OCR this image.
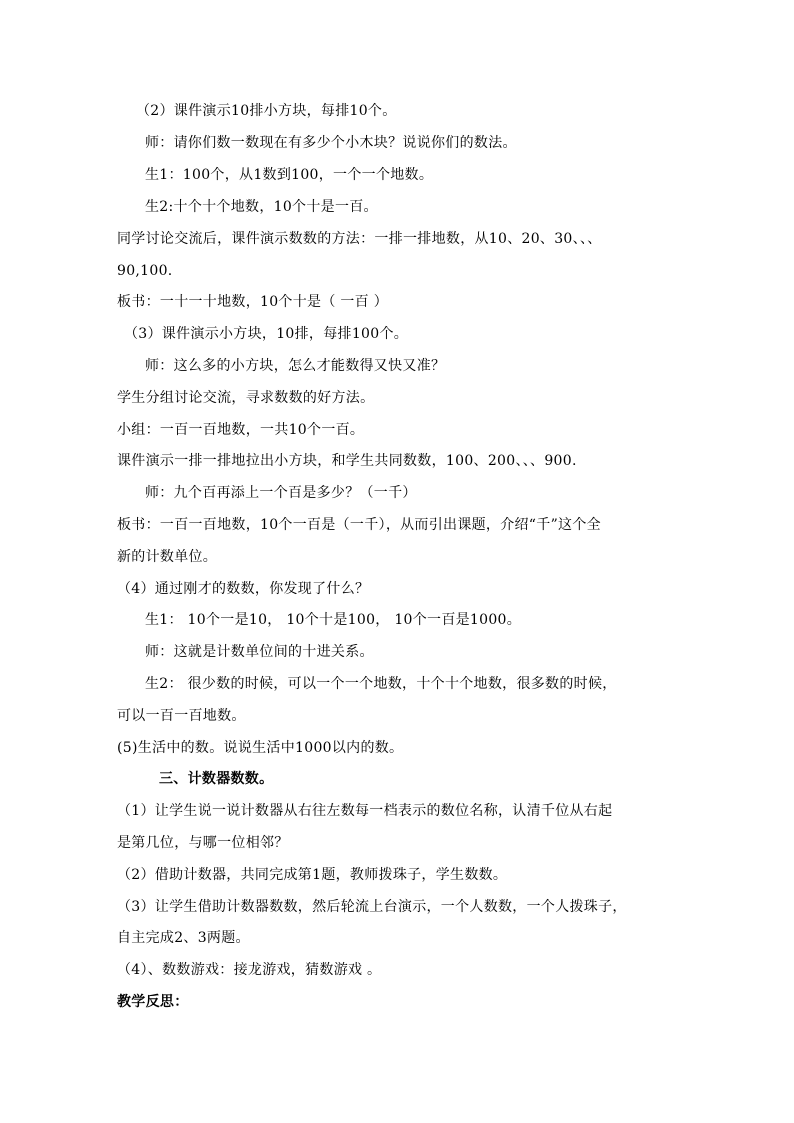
（2）课件演示10排小方块，每排10个。
师：请你们数一数现在有多少个小木块？说说你们的数法。
生1：100个，从1数到100，一个一个地数。
生2:十个十个地数，10个十是一百。
同学讨论交流后，课件演示数数的方法：一排一排地数，从10、20、30、、、
90,100.
板书：一十一十地数，10个十是（ 一百 ）
（3）课件演示小方块，10排，每排100个。
师：这么多的小方块，怎么才能数得又快又准？
学生分组讨论交流，寻求数数的好方法。
小组：一百一百地数，一共10个一百。
课件演示一排一排地拉出小方块，和学生共同数数，100、200、、、900.
师：九个百再添上一个百是多少？（一千）
板书：一百一百地数，10个一百是（一千），从而引出课题，介绍“千”这个全
新的计数单位。
（4）通过刚才的数数，你发现了什么？
生1： 10个一是10， 10个十是100， 10个一百是1000。
师：这就是计数单位间的十进关系。
生2： 很少数的时候，可以一个一个地数，十个十个地数，很多数的时候，
可以一百一百地数。
(5)生活中的数。说说生活中1000以内的数。
三、计数器数数。
（1）让学生说一说计数器从右往左数每一档表示的数位名称，认清千位从右起
是第几位，与哪一位相邻？
（2）借助计数器，共同完成第1题，教师拨珠子，学生数数。
（3）让学生借助计数器数数，然后轮流上台演示，一个人数数，一个人拨珠子，
自主完成2、3两题。
（4）、数数游戏：接龙游戏，猜数游戏 。
教学反思：
